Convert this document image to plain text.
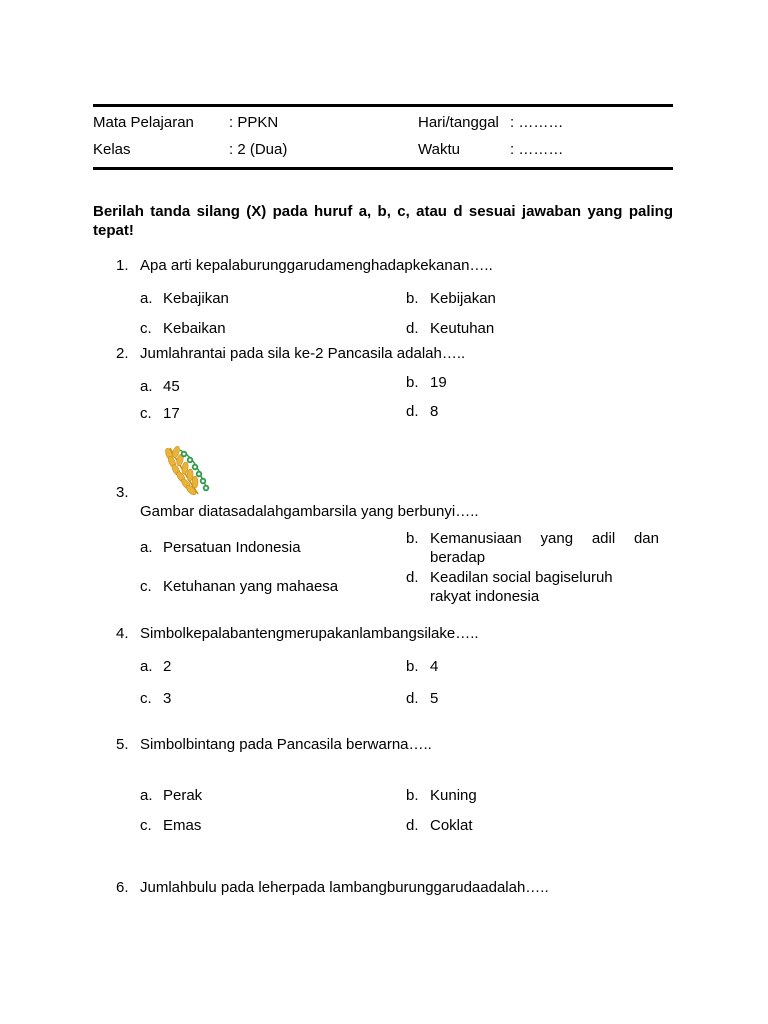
Mata Pelajaran : PPKN	Hari/tanggal : ………
Kelas	: 2 (Dua)	Waktu	: ………
Berilah tanda silang (X) pada huruf a, b, c, atau d sesuai jawaban yang paling tepat!
1. Apa arti kepalaburunggarudamenghadapkekanan…..
a. Kebajikan	b. Kebijakan
c. Kebaikan	d. Keutuhan
2. Jumlahrantai pada sila ke-2 Pancasila adalah…..
a. 45	b. 19
c. 17	d. 8
3.
Gambar diatasadalahgambarsila yang berbunyi…..
a. Persatuan Indonesia
b. Kemanusiaan yang adil dan
beradap
c. Ketuhanan yang mahaesa
d. Keadilan social bagiseluruh
rakyat indonesia
4. Simbolkepalabantengmerupakanlambangsilake…..
a. 2	b. 4
c. 3	d. 5
5. Simbolbintang pada Pancasila berwarna…..
a. Perak	b. Kuning
c. Emas	d. Coklat
6. Jumlahbulu pada leherpada lambangburunggarudaadalah…..
